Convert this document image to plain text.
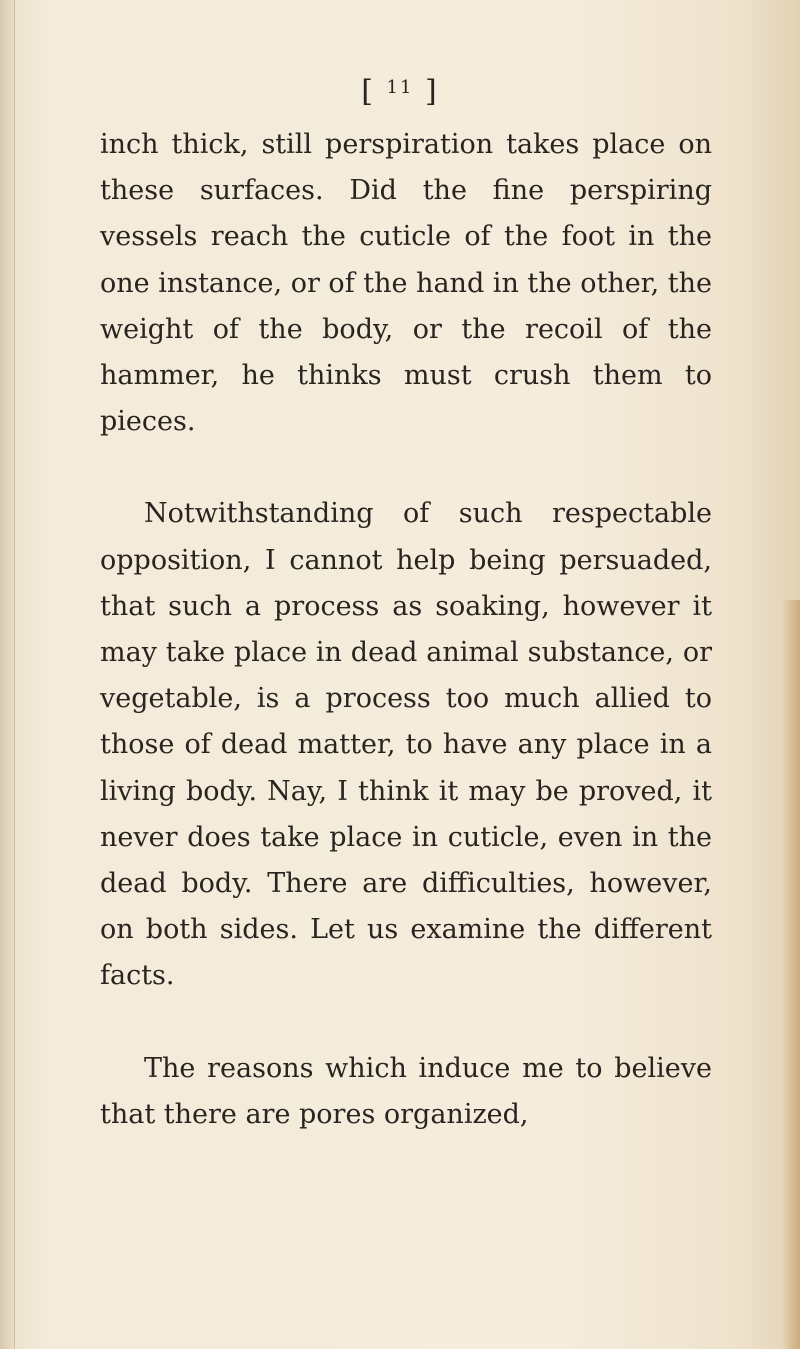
[ $^{11}$ ]

inch thick, still perspiration takes place on these surfaces. Did the fine perspiring vessels reach the cuticle of the foot in the one instance, or of the hand in the other, the weight of the body, or the recoil of the hammer, he thinks must crush them to pieces.

Notwithstanding of such respectable opposition, I cannot help being persuaded, that such a process as soaking, however it may take place in dead animal substance, or vegetable, is a process too much allied to those of dead matter, to have any place in a living body. Nay, I think it may be proved, it never does take place in cuticle, even in the dead body. There are difficulties, however, on both sides. Let us examine the different facts.

The reasons which induce me to believe that there are pores organized,
